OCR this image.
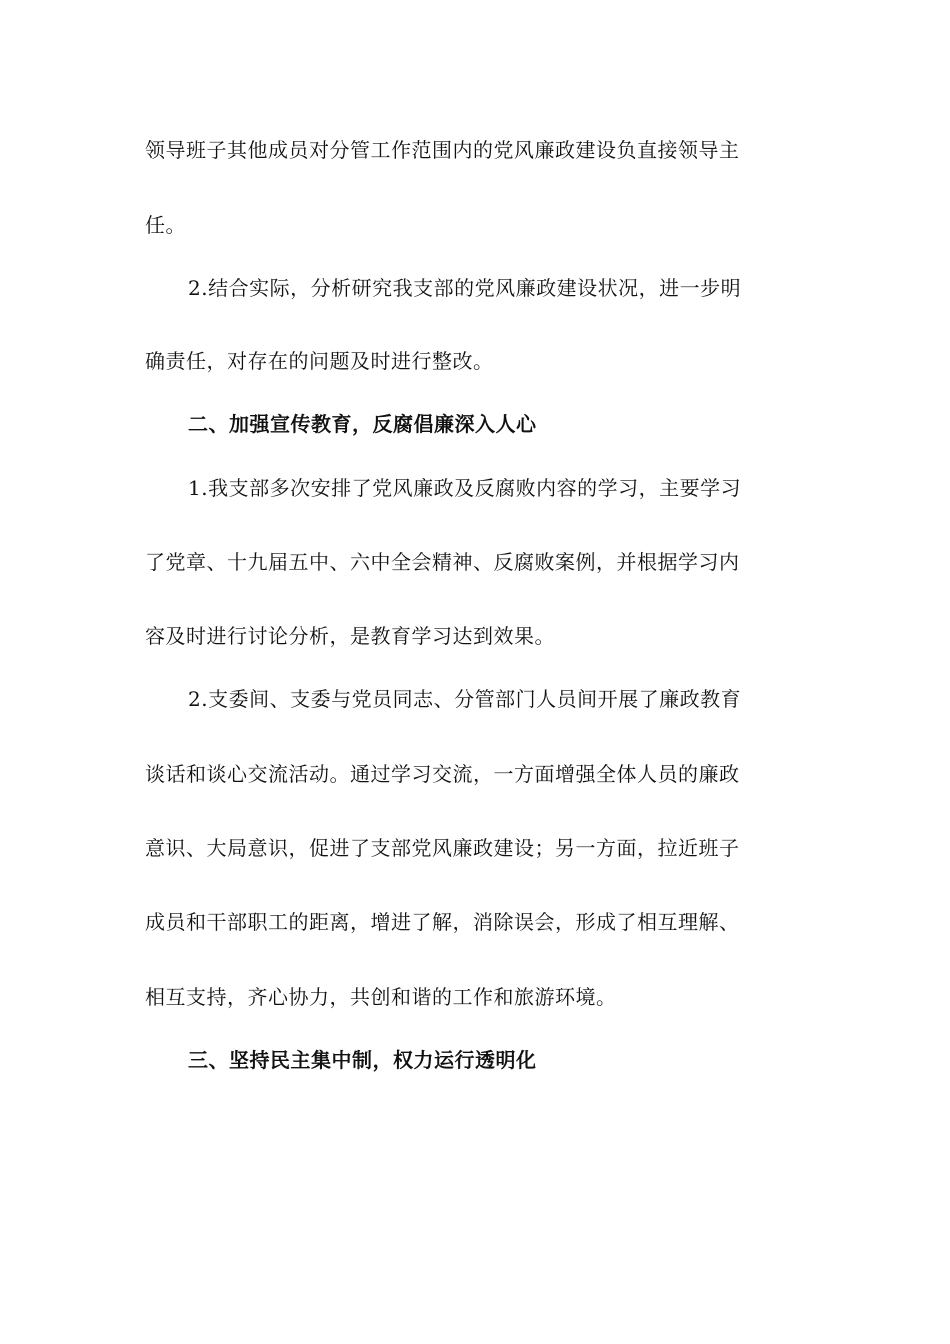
领导班子其他成员对分管工作范围内的党风廉政建设负直接领导主
任。
2.结合实际，分析研究我支部的党风廉政建设状况，进一步明
确责任，对存在的问题及时进行整改。
二、加强宣传教育，反腐倡廉深入人心
1.我支部多次安排了党风廉政及反腐败内容的学习，主要学习
了党章、十九届五中、六中全会精神、反腐败案例，并根据学习内
容及时进行讨论分析，是教育学习达到效果。
2.支委间、支委与党员同志、分管部门人员间开展了廉政教育
谈话和谈心交流活动。通过学习交流，一方面增强全体人员的廉政
意识、大局意识，促进了支部党风廉政建设；另一方面，拉近班子
成员和干部职工的距离，增进了解，消除误会，形成了相互理解、
相互支持，齐心协力，共创和谐的工作和旅游环境。
三、坚持民主集中制，权力运行透明化
